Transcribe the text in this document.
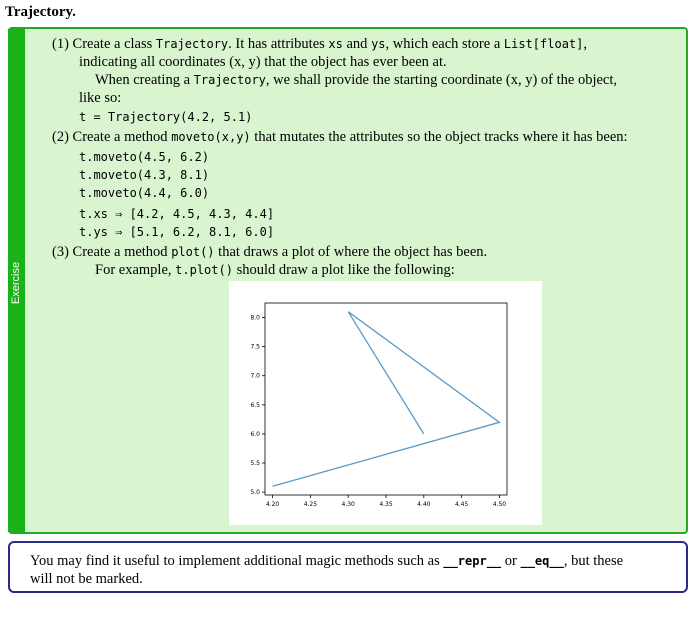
Trajectory.
Exercise
(1) Create a class Trajectory. It has attributes xs and ys, which each store a List[float],
indicating all coordinates (x, y) that the object has ever been at.
When creating a Trajectory, we shall provide the starting coordinate (x, y) of the object,
like so:
t = Trajectory(4.2, 5.1)
(2) Create a method moveto(x,y) that mutates the attributes so the object tracks where it has been:
t.moveto(4.5, 6.2)
t.moveto(4.3, 8.1)
t.moveto(4.4, 6.0)
t.xs ⇒ [4.2, 4.5, 4.3, 4.4]
t.ys ⇒ [5.1, 6.2, 8.1, 6.0]
(3) Create a method plot() that draws a plot of where the object has been.
For example, t.plot() should draw a plot like the following:
4.20	4.25	4.30	4.35	4.40	4.45	4.50
5.0
5.5
6.0
6.5
7.0
7.5
8.0
You may find it useful to implement additional magic methods such as __repr__ or __eq__, but these
will not be marked.
